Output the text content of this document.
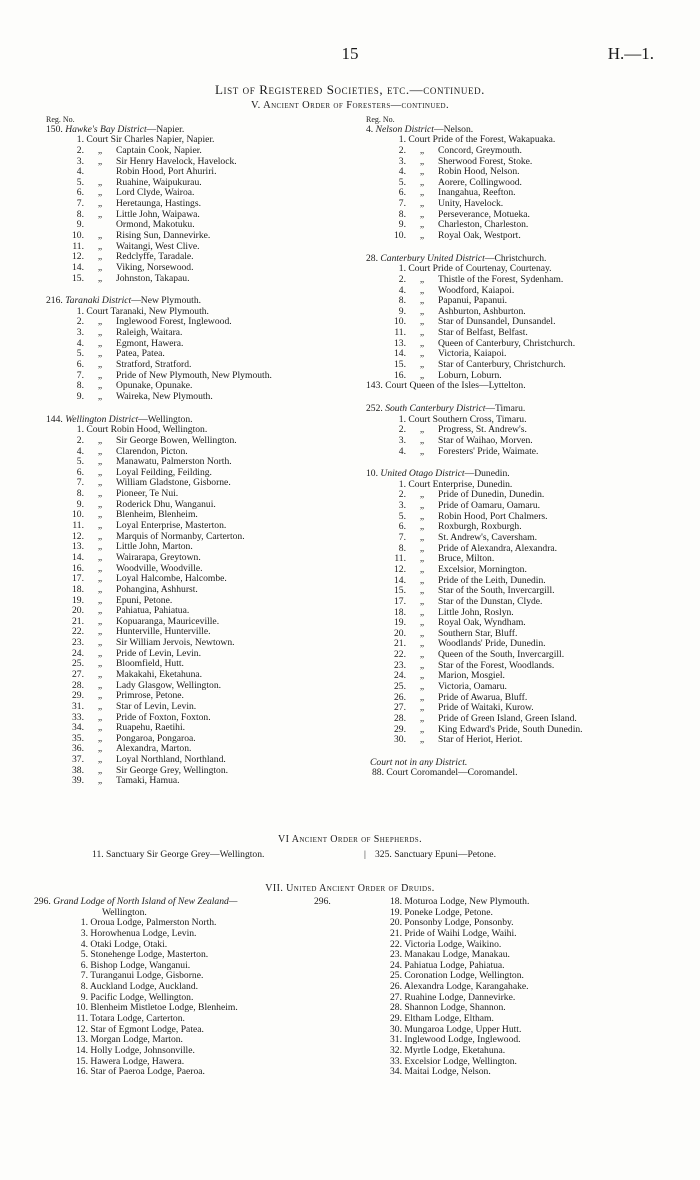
15	H.—1.
List of Registered Societies, etc.—continued.
V. Ancient Order of Foresters—continued.
Reg. No.
150. Hawke's Bay District—Napier.
1. Court Sir Charles Napier, Napier.
2. „ Captain Cook, Napier.
3. „ Sir Henry Havelock, Havelock.
4.	Robin Hood, Port Ahuriri.
5. „ Ruahine, Waipukurau.
6. „ Lord Clyde, Wairoa.
7. „ Heretaunga, Hastings.
8. „ Little John, Waipawa.
9.	Ormond, Makotuku.
10. „ Rising Sun, Dannevirke.
11. „ Waitangi, West Clive.
12. „ Redclyffe, Taradale.
14. „ Viking, Norsewood.
15. „ Johnston, Takapau.
216. Taranaki District—New Plymouth.
1. Court Taranaki, New Plymouth.
2. „ Inglewood Forest, Inglewood.
3. „ Raleigh, Waitara.
4. „ Egmont, Hawera.
5. „ Patea, Patea.
6. „ Stratford, Stratford.
7. „ Pride of New Plymouth, New Plymouth.
8. „ Opunake, Opunake.
9. „ Waireka, New Plymouth.
144. Wellington District—Wellington.
1. Court Robin Hood, Wellington.
2. „ Sir George Bowen, Wellington.
4. „ Clarendon, Picton.
5. „ Manawatu, Palmerston North.
6. „ Loyal Feilding, Feilding.
7. „ William Gladstone, Gisborne.
8. „ Pioneer, Te Nui.
9. „ Roderick Dhu, Wanganui.
10. „ Blenheim, Blenheim.
11. „ Loyal Enterprise, Masterton.
12. „ Marquis of Normanby, Carterton.
13. „ Little John, Marton.
14. „ Wairarapa, Greytown.
16. „ Woodville, Woodville.
17. „ Loyal Halcombe, Halcombe.
18. „ Pohangina, Ashhurst.
19. „ Epuni, Petone.
20. „ Pahiatua, Pahiatua.
21. „ Kopuaranga, Mauriceville.
22. „ Hunterville, Hunterville.
23. „ Sir William Jervois, Newtown.
24. „ Pride of Levin, Levin.
25. „ Bloomfield, Hutt.
27. „ Makakahi, Eketahuna.
28. „ Lady Glasgow, Wellington.
29. „ Primrose, Petone.
31. „ Star of Levin, Levin.
33. „ Pride of Foxton, Foxton.
34. „ Ruapehu, Raetihi.
35. „ Pongaroa, Pongaroa.
36. „ Alexandra, Marton.
37. „ Loyal Northland, Northland.
38. „ Sir George Grey, Wellington.
39. „ Tamaki, Hamua.
Reg. No.
4. Nelson District—Nelson.
1. Court Pride of the Forest, Wakapuaka.
2. „ Concord, Greymouth.
3. „ Sherwood Forest, Stoke.
4. „ Robin Hood, Nelson.
5. „ Aorere, Collingwood.
6. „ Inangahua, Reefton.
7. „ Unity, Havelock.
8. „ Perseverance, Motueka.
9. „ Charleston, Charleston.
10. „ Royal Oak, Westport.
28. Canterbury United District—Christchurch.
1. Court Pride of Courtenay, Courtenay.
2. „ Thistle of the Forest, Sydenham.
4. „ Woodford, Kaiapoi.
8. „ Papanui, Papanui.
9. „ Ashburton, Ashburton.
10. „ Star of Dunsandel, Dunsandel.
11. „ Star of Belfast, Belfast.
13. „ Queen of Canterbury, Christchurch.
14. „ Victoria, Kaiapoi.
15. „ Star of Canterbury, Christchurch.
16. „ Loburn, Loburn.
143. Court Queen of the Isles—Lyttelton.
252. South Canterbury District—Timaru.
1. Court Southern Cross, Timaru.
2. „ Progress, St. Andrew's.
3. „ Star of Waihao, Morven.
4. „ Foresters' Pride, Waimate.
10. United Otago District—Dunedin.
1. Court Enterprise, Dunedin.
2. „ Pride of Dunedin, Dunedin.
3. „ Pride of Oamaru, Oamaru.
5. „ Robin Hood, Port Chalmers.
6. „ Roxburgh, Roxburgh.
7. „ St. Andrew's, Caversham.
8. „ Pride of Alexandra, Alexandra.
11. „ Bruce, Milton.
12. „ Excelsior, Mornington.
14. „ Pride of the Leith, Dunedin.
15. „ Star of the South, Invercargill.
17. „ Star of the Dunstan, Clyde.
18. „ Little John, Roslyn.
19. „ Royal Oak, Wyndham.
20. „ Southern Star, Bluff.
21. „ Woodlands' Pride, Dunedin.
22. „ Queen of the South, Invercargill.
23. „ Star of the Forest, Woodlands.
24. „ Marion, Mosgiel.
25. „ Victoria, Oamaru.
26. „ Pride of Awarua, Bluff.
27. „ Pride of Waitaki, Kurow.
28. „ Pride of Green Island, Green Island.
29. „ King Edward's Pride, South Dunedin.
30. „ Star of Heriot, Heriot.
Court not in any District.
88. Court Coromandel—Coromandel.
VI Ancient Order of Shepherds.
11. Sanctuary Sir George Grey—Wellington.	| 325. Sanctuary Epuni—Petone.
VII. United Ancient Order of Druids.
296. Grand Lodge of North Island of New Zealand—
Wellington.
1. Oroua Lodge, Palmerston North.
3. Horowhenua Lodge, Levin.
4. Otaki Lodge, Otaki.
5. Stonehenge Lodge, Masterton.
6. Bishop Lodge, Wanganui.
7. Turanganui Lodge, Gisborne.
8. Auckland Lodge, Auckland.
9. Pacific Lodge, Wellington.
10. Blenheim Mistletoe Lodge, Blenheim.
11. Totara Lodge, Carterton.
12. Star of Egmont Lodge, Patea.
13. Morgan Lodge, Marton.
14. Holly Lodge, Johnsonville.
15. Hawera Lodge, Hawera.
16. Star of Paeroa Lodge, Paeroa.
296.	18. Moturoa Lodge, New Plymouth.
19. Poneke Lodge, Petone.
20. Ponsonby Lodge, Ponsonby.
21. Pride of Waihi Lodge, Waihi.
22. Victoria Lodge, Waikino.
23. Manakau Lodge, Manakau.
24. Pahiatua Lodge, Pahiatua.
25. Coronation Lodge, Wellington.
26. Alexandra Lodge, Karangahake.
27. Ruahine Lodge, Dannevirke.
28. Shannon Lodge, Shannon.
29. Eltham Lodge, Eltham.
30. Mungaroa Lodge, Upper Hutt.
31. Inglewood Lodge, Inglewood.
32. Myrtle Lodge, Eketahuna.
33. Excelsior Lodge, Wellington.
34. Maitai Lodge, Nelson.
